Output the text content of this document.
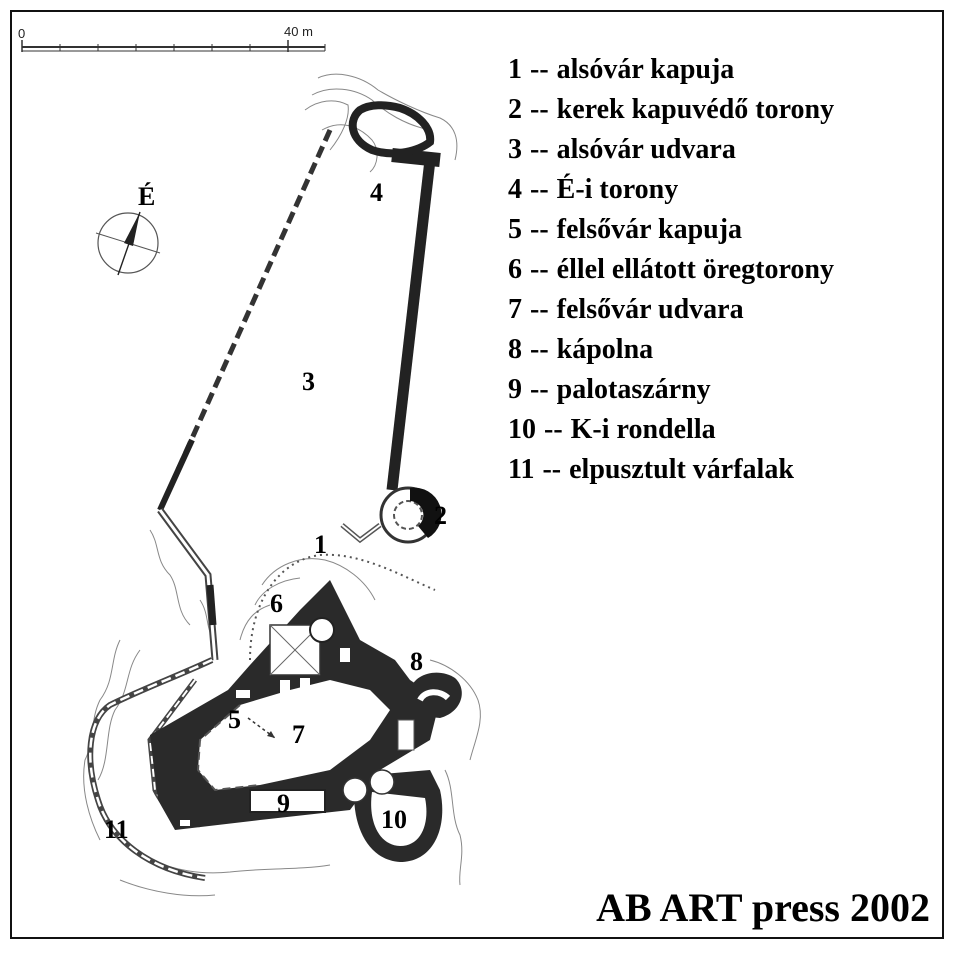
0	40 m
É
1
2
3
4
5
6
7
8
9
10
11
1 -- alsóvár kapuja
2 -- kerek kapuvédő torony
3 -- alsóvár udvara
4 -- É-i torony
5 -- felsővár kapuja
6 -- éllel ellátott öregtorony
7 -- felsővár udvara
8 -- kápolna
9 -- palotaszárny
10 -- K-i rondella
11 -- elpusztult várfalak
AB ART press 2002
